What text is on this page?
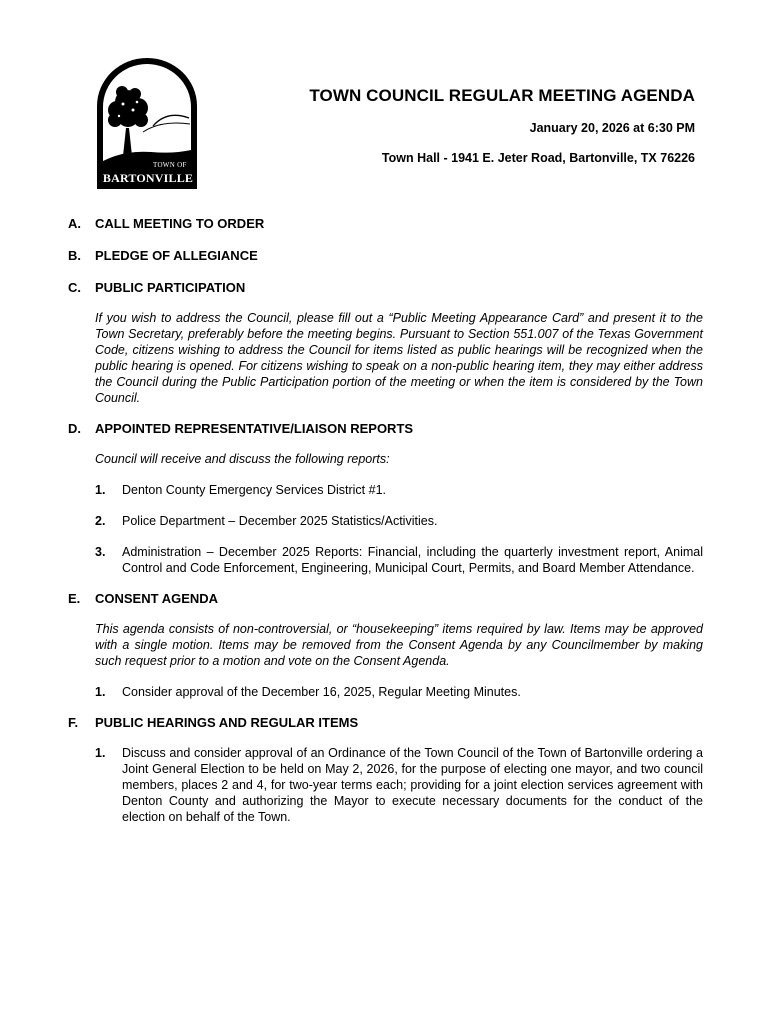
TOWN OF
BARTONVILLE
TOWN COUNCIL REGULAR MEETING AGENDA
January 20, 2026 at 6:30 PM
Town Hall - 1941 E. Jeter Road, Bartonville, TX 76226
A.	CALL MEETING TO ORDER
B.	PLEDGE OF ALLEGIANCE
C.	PUBLIC PARTICIPATION

If you wish to address the Council, please fill out a “Public Meeting Appearance Card” and present it to the Town Secretary, preferably before the meeting begins. Pursuant to Section 551.007 of the Texas Government Code, citizens wishing to address the Council for items listed as public hearings will be recognized when the public hearing is opened. For citizens wishing to speak on a non-public hearing item, they may either address the Council during the Public Participation portion of the meeting or when the item is considered by the Town Council.

D.	APPOINTED REPRESENTATIVE/LIAISON REPORTS

Council will receive and discuss the following reports:

1.	Denton County Emergency Services District #1.
2.	Police Department – December 2025 Statistics/Activities.
3.	Administration – December 2025 Reports: Financial, including the quarterly investment report, Animal Control and Code Enforcement, Engineering, Municipal Court, Permits, and Board Member Attendance.
E.	CONSENT AGENDA

This agenda consists of non-controversial, or “housekeeping” items required by law. Items may be approved with a single motion. Items may be removed from the Consent Agenda by any Councilmember by making such request prior to a motion and vote on the Consent Agenda.

1.	Consider approval of the December 16, 2025, Regular Meeting Minutes.
F.	PUBLIC HEARINGS AND REGULAR ITEMS
1.	Discuss and consider approval of an Ordinance of the Town Council of the Town of Bartonville ordering a Joint General Election to be held on May 2, 2026, for the purpose of electing one mayor, and two council members, places 2 and 4, for two-year terms each; providing for a joint election services agreement with Denton County and authorizing the Mayor to execute necessary documents for the conduct of the election on behalf of the Town.
